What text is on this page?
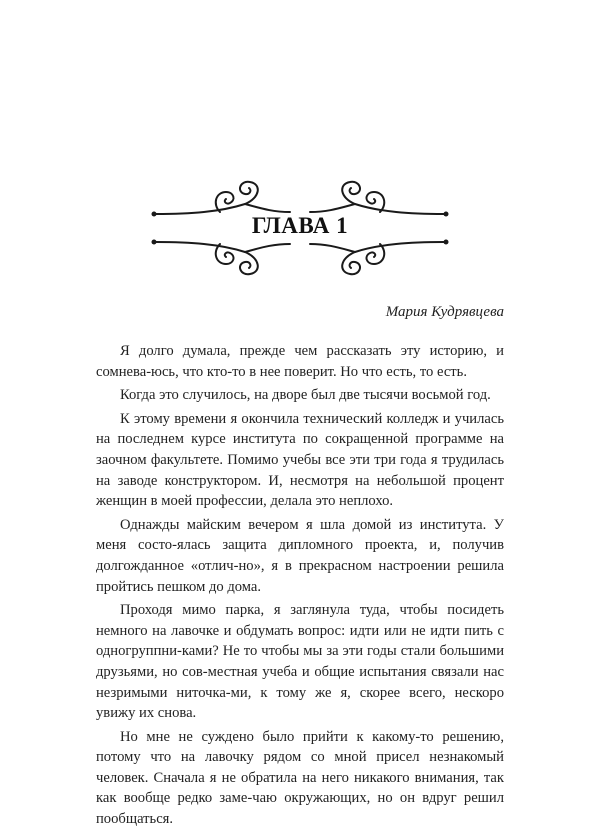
ГЛАВА 1
Мария Кудрявцева

Я долго думала, прежде чем рассказать эту историю, и сомнева-юсь, что кто-то в нее поверит. Но что есть, то есть.

Когда это случилось, на дворе был две тысячи восьмой год.

К этому времени я окончила технический колледж и училась на последнем курсе института по сокращенной программе на заочном факультете. Помимо учебы все эти три года я трудилась на заводе конструктором. И, несмотря на небольшой процент женщин в моей профессии, делала это неплохо.

Однажды майским вечером я шла домой из института. У меня состо-ялась защита дипломного проекта, и, получив долгожданное «отлич-но», я в прекрасном настроении решила пройтись пешком до дома.

Проходя мимо парка, я заглянула туда, чтобы посидеть немного на лавочке и обдумать вопрос: идти или не идти пить с одногруппни-ками? Не то чтобы мы за эти годы стали большими друзьями, но сов-местная учеба и общие испытания связали нас незримыми ниточка-ми, к тому же я, скорее всего, нескоро увижу их снова.

Но мне не суждено было прийти к какому-то решению, потому что на лавочку рядом со мной присел незнакомый человек. Сначала я не обратила на него никакого внимания, так как вообще редко заме-чаю окружающих, но он вдруг решил пообщаться.
